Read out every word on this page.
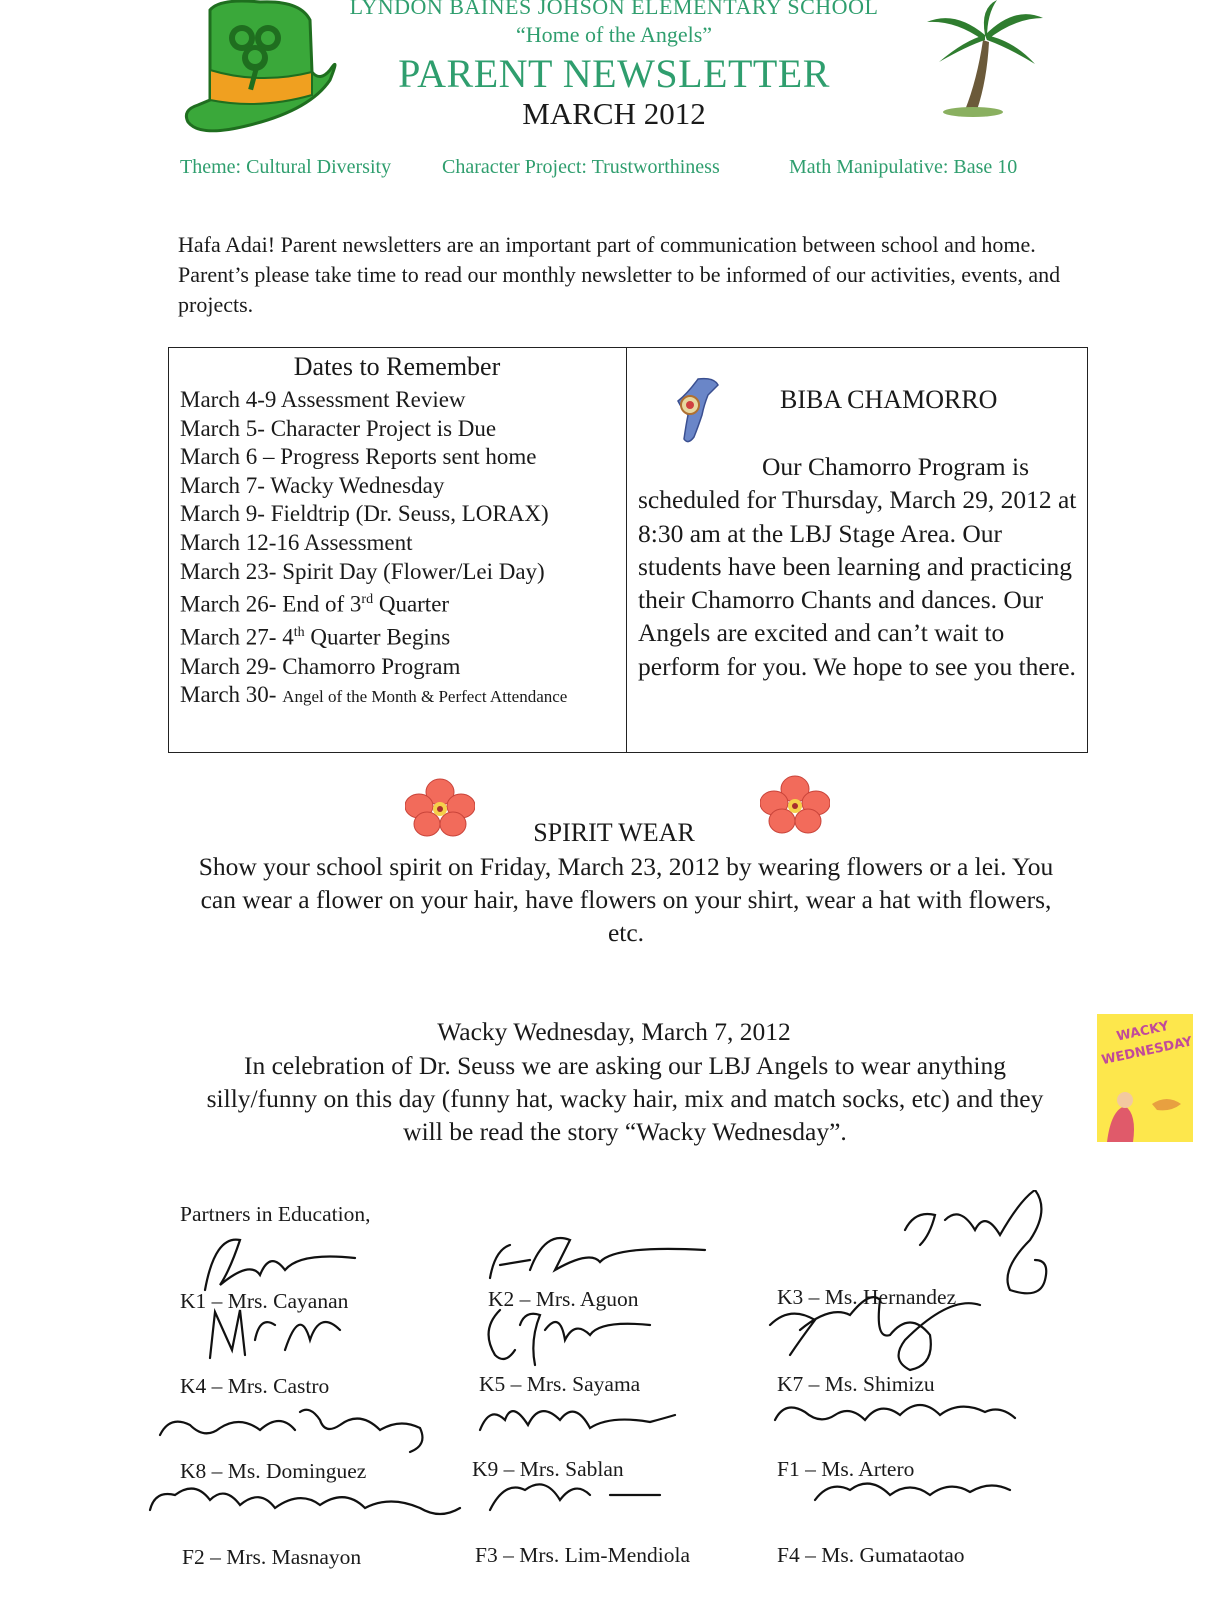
LYNDON BAINES JOHSON ELEMENTARY SCHOOL
“Home of the Angels”
PARENT NEWSLETTER
MARCH 2012
Theme: Cultural Diversity	Character Project: Trustworthiness	Math Manipulative: Base 10
Hafa Adai! Parent newsletters are an important part of communication between school and home. Parent’s please take time to read our monthly newsletter to be informed of our activities, events, and projects.
Dates to Remember
March 4-9 Assessment Review
March 5- Character Project is Due
March 6 – Progress Reports sent home
March 7- Wacky Wednesday
March 9- Fieldtrip (Dr. Seuss, LORAX)
March 12-16 Assessment
March 23- Spirit Day (Flower/Lei Day)
March 26- End of 3rd Quarter
March 27- 4th Quarter Begins
March 29- Chamorro Program
March 30- Angel of the Month & Perfect Attendance
BIBA CHAMORRO
Our Chamorro Program is scheduled for Thursday, March 29, 2012 at 8:30 am at the LBJ Stage Area. Our students have been learning and practicing their Chamorro Chants and dances. Our Angels are excited and can’t wait to perform for you. We hope to see you there.
SPIRIT WEAR
Show your school spirit on Friday, March 23, 2012 by wearing flowers or a lei. You can wear a flower on your hair, have flowers on your shirt, wear a hat with flowers, etc.
Wacky Wednesday, March 7, 2012
In celebration of Dr. Seuss we are asking our LBJ Angels to wear anything silly/funny on this day (funny hat, wacky hair, mix and match socks, etc) and they will be read the story “Wacky Wednesday”.
WACKY WEDNESDAY
Partners in Education,
K1 – Mrs. Cayanan	K2 – Mrs. Aguon	K3 – Ms. Hernandez
K4 – Mrs. Castro	K5 – Mrs. Sayama	K7 – Ms. Shimizu
K8 – Ms. Dominguez	K9 – Mrs. Sablan	F1 – Ms. Artero
F2 – Mrs. Masnayon	F3 – Mrs. Lim-Mendiola	F4 – Ms. Gumataotao
